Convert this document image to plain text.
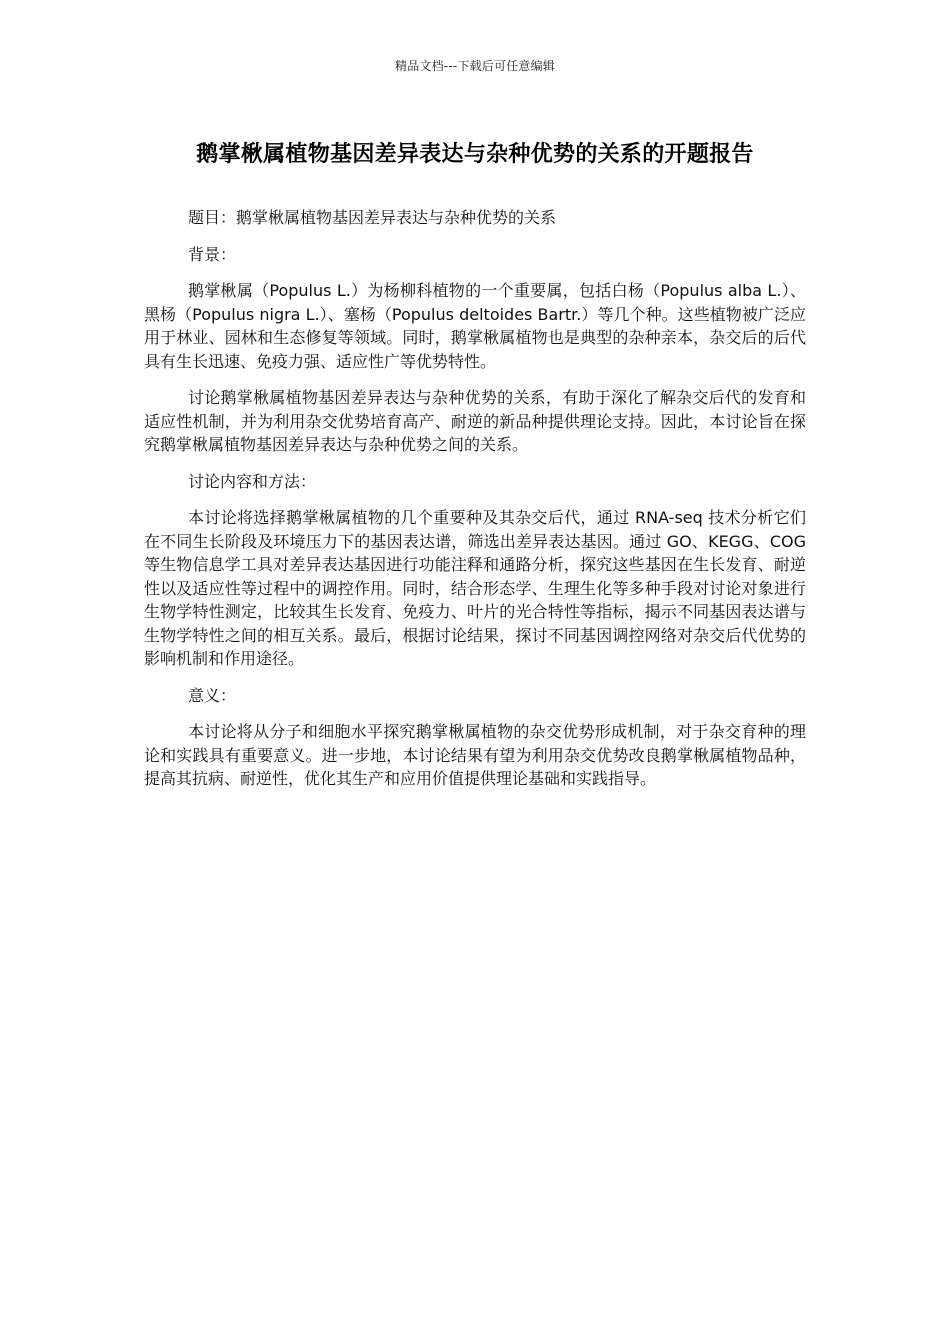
精品文档---下载后可任意编辑
鹅掌楸属植物基因差异表达与杂种优势的关系的开题报告

题目：鹅掌楸属植物基因差异表达与杂种优势的关系

背景：

鹅掌楸属（Populus L.）为杨柳科植物的一个重要属，包括白杨（Populus alba L.）、黑杨（Populus nigra L.）、塞杨（Populus deltoides Bartr.）等几个种。这些植物被广泛应用于林业、园林和生态修复等领域。同时，鹅掌楸属植物也是典型的杂种亲本，杂交后的后代具有生长迅速、免疫力强、适应性广等优势特性。

讨论鹅掌楸属植物基因差异表达与杂种优势的关系，有助于深化了解杂交后代的发育和适应性机制，并为利用杂交优势培育高产、耐逆的新品种提供理论支持。因此，本讨论旨在探究鹅掌楸属植物基因差异表达与杂种优势之间的关系。

讨论内容和方法：

本讨论将选择鹅掌楸属植物的几个重要种及其杂交后代，通过 RNA-seq 技术分析它们在不同生长阶段及环境压力下的基因表达谱，筛选出差异表达基因。通过 GO、KEGG、COG 等生物信息学工具对差异表达基因进行功能注释和通路分析，探究这些基因在生长发育、耐逆性以及适应性等过程中的调控作用。同时，结合形态学、生理生化等多种手段对讨论对象进行生物学特性测定，比较其生长发育、免疫力、叶片的光合特性等指标，揭示不同基因表达谱与生物学特性之间的相互关系。最后，根据讨论结果，探讨不同基因调控网络对杂交后代优势的影响机制和作用途径。

意义：

本讨论将从分子和细胞水平探究鹅掌楸属植物的杂交优势形成机制，对于杂交育种的理论和实践具有重要意义。进一步地，本讨论结果有望为利用杂交优势改良鹅掌楸属植物品种，提高其抗病、耐逆性，优化其生产和应用价值提供理论基础和实践指导。
